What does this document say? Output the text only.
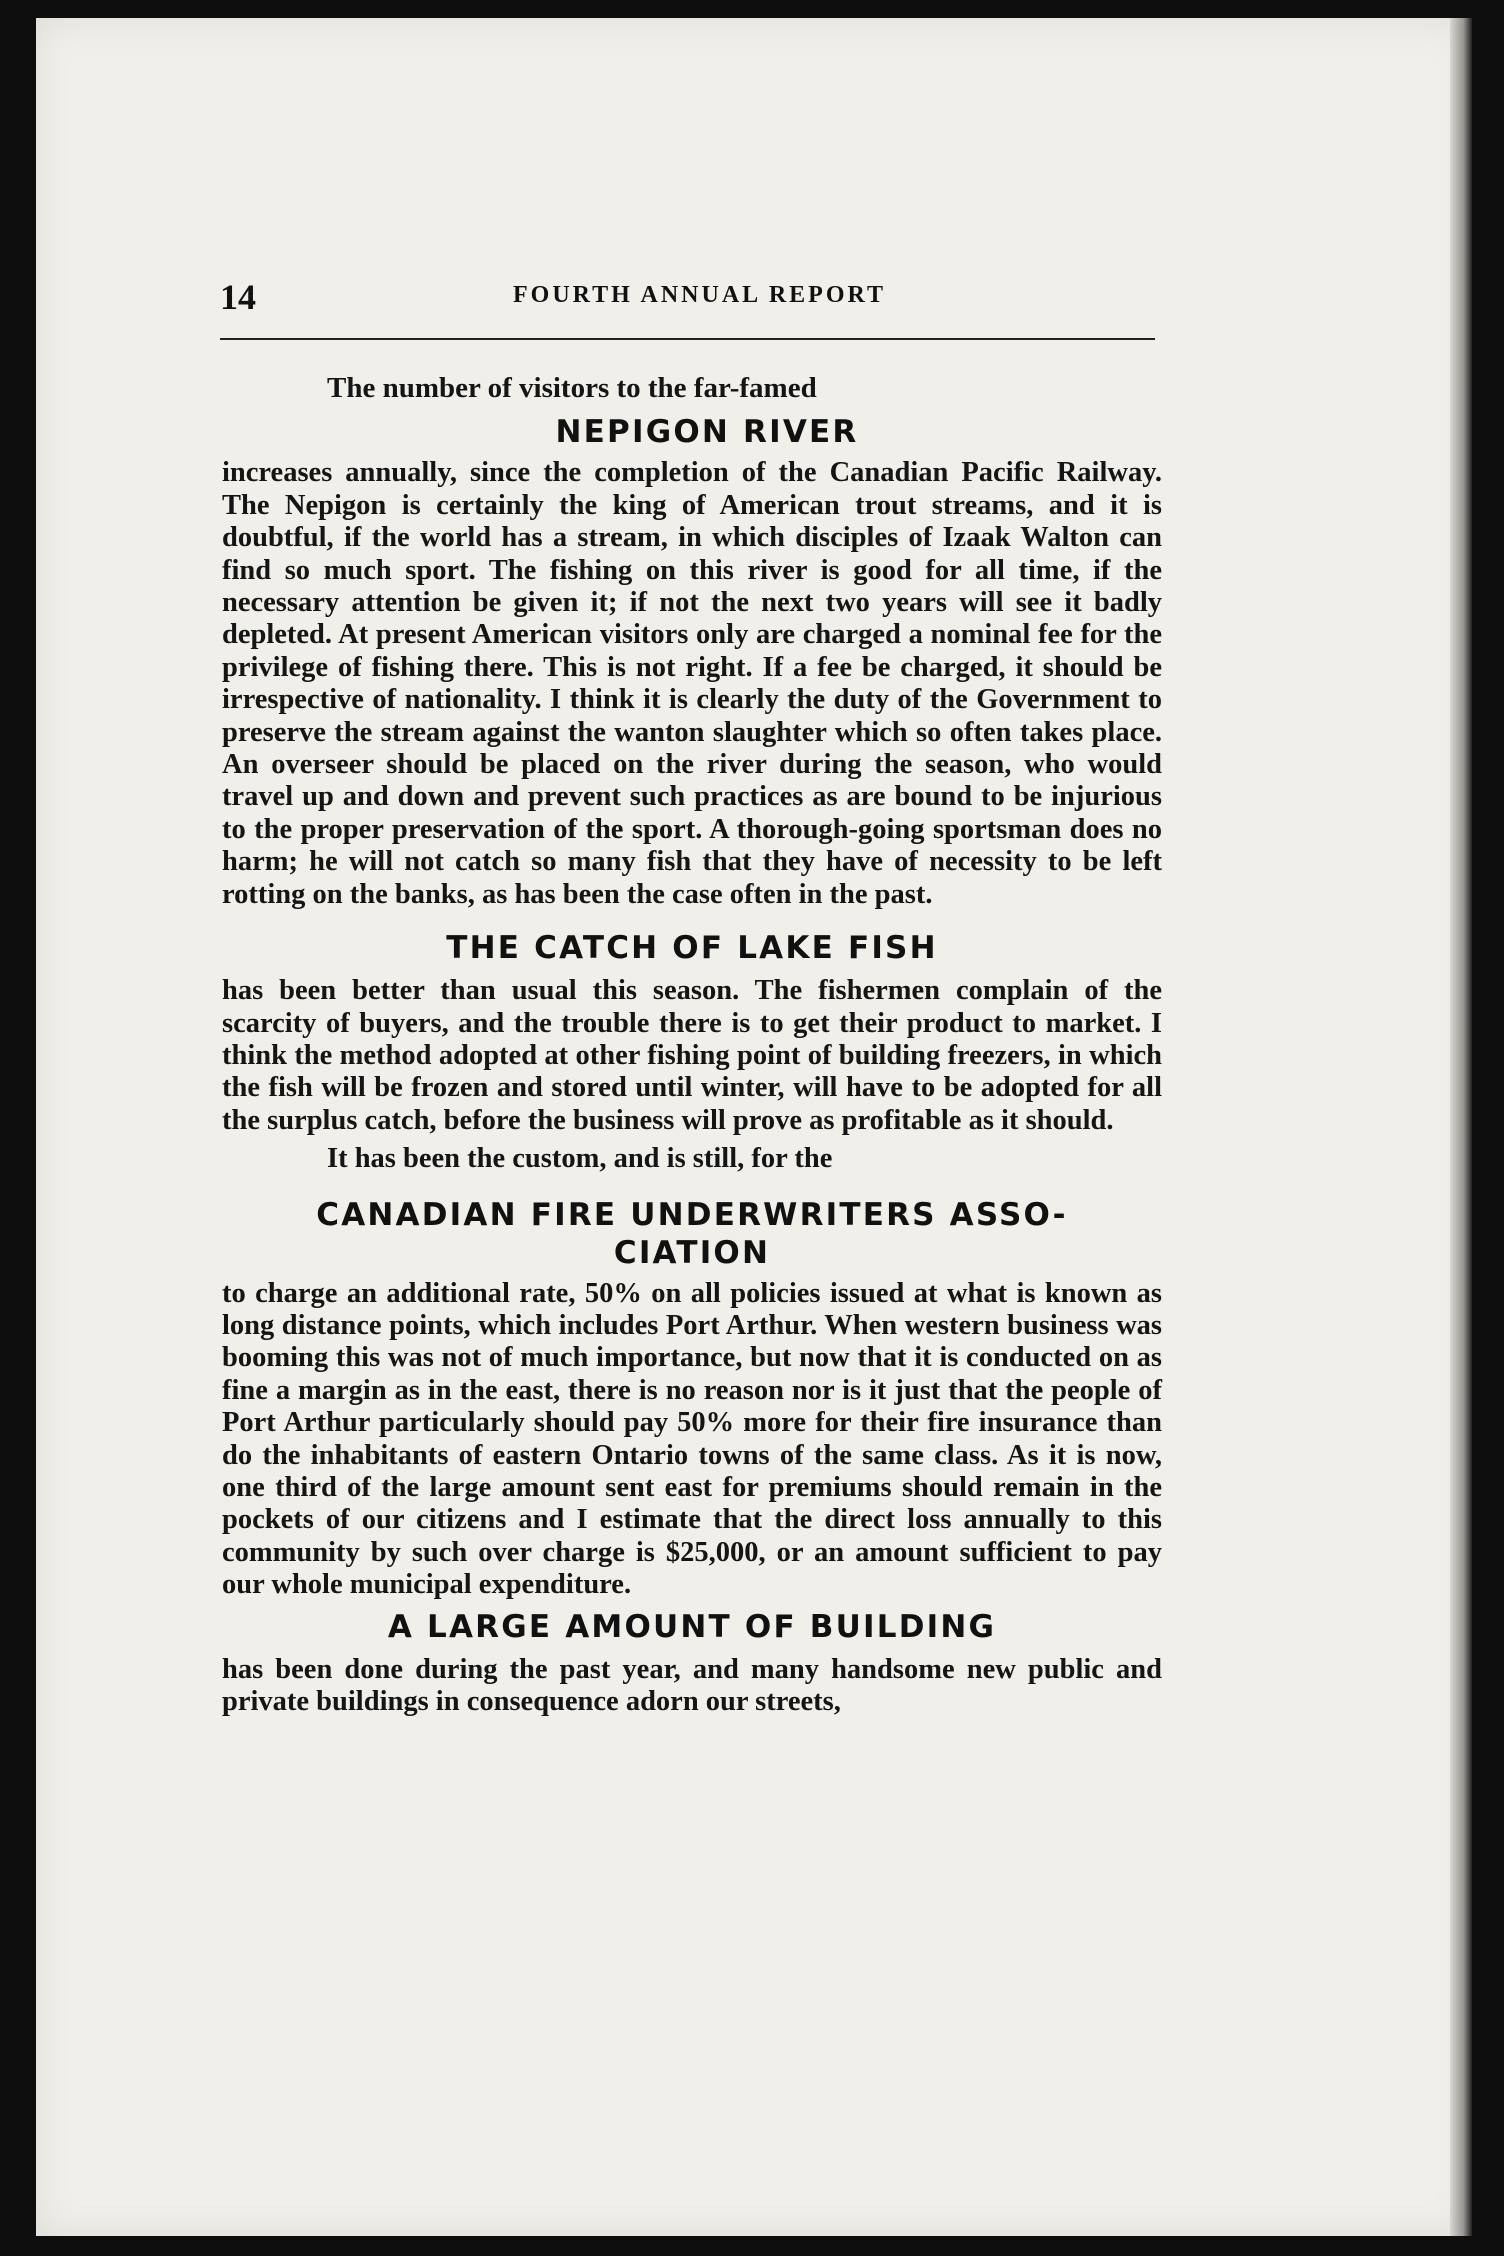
14	FOURTH ANNUAL REPORT

The number of visitors to the far-famed

NEPIGON RIVER

increases annually, since the completion of the Canadian Pacific Railway. The Nepigon is certainly the king of American trout streams, and it is doubtful, if the world has a stream, in which disciples of Izaak Walton can find so much sport. The fishing on this river is good for all time, if the necessary attention be given it; if not the next two years will see it badly depleted. At present American visitors only are charged a nominal fee for the privilege of fishing there. This is not right. If a fee be charged, it should be irrespective of nationality. I think it is clearly the duty of the Government to preserve the stream against the wanton slaughter which so often takes place. An overseer should be placed on the river during the season, who would travel up and down and prevent such practices as are bound to be injurious to the proper preservation of the sport. A thorough-going sportsman does no harm; he will not catch so many fish that they have of necessity to be left rotting on the banks, as has been the case often in the past.

THE CATCH OF LAKE FISH

has been better than usual this season. The fishermen complain of the scarcity of buyers, and the trouble there is to get their product to market. I think the method adopted at other fishing point of building freezers, in which the fish will be frozen and stored until winter, will have to be adopted for all the surplus catch, before the business will prove as profitable as it should.

It has been the custom, and is still, for the

CANADIAN FIRE UNDERWRITERS ASSO-
CIATION

to charge an additional rate, 50% on all policies issued at what is known as long distance points, which includes Port Arthur. When western business was booming this was not of much importance, but now that it is conducted on as fine a margin as in the east, there is no reason nor is it just that the people of Port Arthur particularly should pay 50% more for their fire insurance than do the inhabitants of eastern Ontario towns of the same class. As it is now, one third of the large amount sent east for premiums should remain in the pockets of our citizens and I estimate that the direct loss annually to this community by such over charge is $25,000, or an amount sufficient to pay our whole municipal expenditure.

A LARGE AMOUNT OF BUILDING

has been done during the past year, and many handsome new public and private buildings in consequence adorn our streets,
